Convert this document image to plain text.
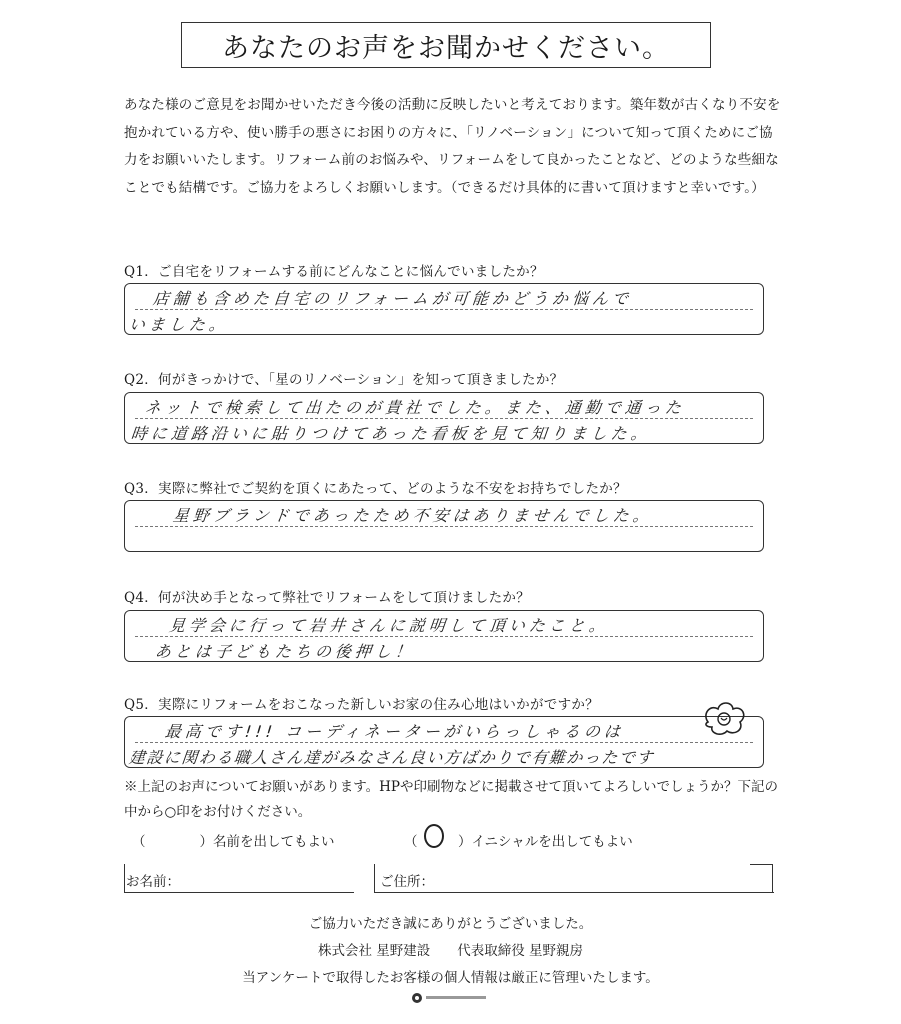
あなたのお声をお聞かせください。
あなた様のご意見をお聞かせいただき今後の活動に反映したいと考えております。築年数が古くなり不安を抱かれている方や、使い勝手の悪さにお困りの方々に、「リノベーション」について知って頂くためにご協力をお願いいたします。リフォーム前のお悩みや、リフォームをして良かったことなど、どのような些細なことでも結構です。ご協力をよろしくお願いします。（できるだけ具体的に書いて頂けますと幸いです。）
Q1．ご自宅をリフォームする前にどんなことに悩んでいましたか？
店舗も含めた自宅のリフォームが可能かどうか悩んで
いました。
Q2．何がきっかけで、「星のリノベーション」を知って頂きましたか？
ネットで検索して出たのが貴社でした。また、通勤で通った
時に道路沿いに貼りつけてあった看板を見て知りました。
Q3．実際に弊社でご契約を頂くにあたって、どのような不安をお持ちでしたか？
星野ブランドであったため不安はありませんでした。
Q4．何が決め手となって弊社でリフォームをして頂けましたか？
見学会に行って岩井さんに説明して頂いたこと。
あとは子どもたちの後押し！
Q5．実際にリフォームをおこなった新しいお家の住み心地はいかがですか？
最高です!!! コーディネーターがいらっしゃるのは
建設に関わる職人さん達がみなさん良い方ばかりで有難かったです
※上記のお声についてお願いがあります。HPや印刷物などに掲載させて頂いてよろしいでしょうか？下記の中から○印をお付けください。
（　　　　）名前を出してもよい	（　　　）イニシャルを出してもよい
お名前：	ご住所：
ご協力いただき誠にありがとうございました。
株式会社 星野建設　　代表取締役 星野親房
当アンケートで取得したお客様の個人情報は厳正に管理いたします。
